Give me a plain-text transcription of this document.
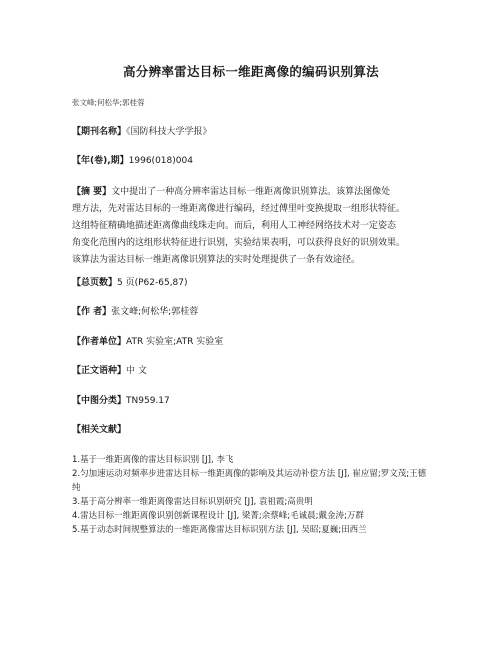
高分辨率雷达目标一维距离像的编码识别算法
张文峰;何松华;郭桂蓉
【期刊名称】《国防科技大学学报》
【年(卷),期】1996(018)004
【摘 要】文中提出了一种高分辨率雷达目标一维距离像识别算法。该算法图像处
理方法，先对雷达目标的一维距离像进行编码，经过傅里叶变换提取一组形状特征。
这组特征精确地描述距离像曲线珠走向。而后，利用人工神经网络技术对一定姿态
角变化范围内的这组形状特征进行识别，实验结果表明，可以获得良好的识别效果。
该算法为雷达目标一维距离像识别算法的实时处理提供了一条有效途径。
【总页数】5 页(P62-65,87)
【作 者】张文峰;何松华;郭桂蓉
【作者单位】ATR 实验室;ATR 实验室
【正文语种】中 文
【中图分类】TN959.17
【相关文献】

1.基于一维距离像的雷达目标识别 [J], 李飞

2.匀加速运动对频率步进雷达目标一维距离像的影响及其运动补偿方法 [J], 崔应留;罗文茂;王德纯

3.基于高分辨率一维距离像雷达目标识别研究 [J], 袁祖霞;高贵明

4.雷达目标一维距离像识别创新课程设计 [J], 梁菁;余蔡峰;毛诚晨;戴金涛;万群

5.基于动态时间规整算法的一维距离像雷达目标识别方法 [J], 吴昭;夏巍;田西兰
